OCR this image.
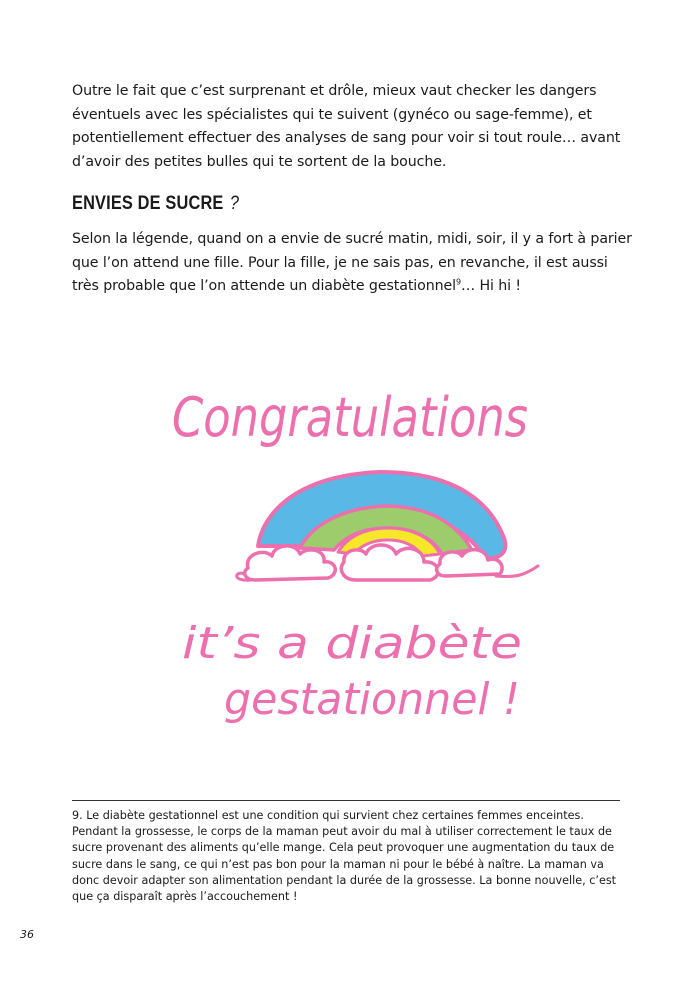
Outre le fait que c’est surprenant et drôle, mieux vaut checker les dangers éventuels avec les spécialistes qui te suivent (gynéco ou sage-femme), et potentiellement effectuer des analyses de sang pour voir si tout roule… avant d’avoir des petites bulles qui te sortent de la bouche.

ENVIES DE SUCRE ?

Selon la légende, quand on a envie de sucré matin, midi, soir, il y a fort à parier que l’on attend une fille. Pour la fille, je ne sais pas, en revanche, il est aussi très probable que l’on attende un diabète gestationnel$^9$… Hi hi !

Congratulations
it’s a diabète
gestationnel !

9. Le diabète gestationnel est une condition qui survient chez certaines femmes enceintes. Pendant la grossesse, le corps de la maman peut avoir du mal à utiliser correctement le taux de sucre provenant des aliments qu’elle mange. Cela peut provoquer une augmentation du taux de sucre dans le sang, ce qui n’est pas bon pour la maman ni pour le bébé à naître. La maman va donc devoir adapter son alimentation pendant la durée de la grossesse. La bonne nouvelle, c’est que ça disparaît après l’accouchement !

36
